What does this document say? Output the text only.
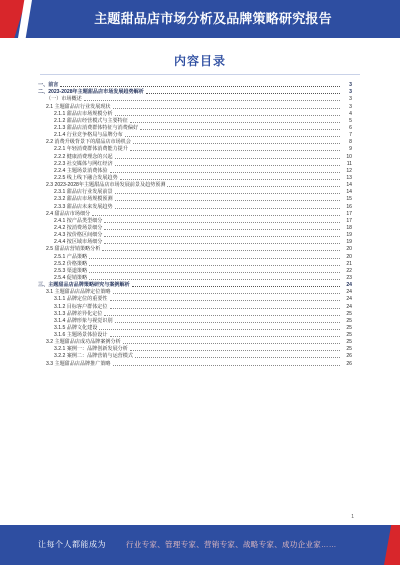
主题甜品店市场分析及品牌策略研究报告
内容目录
一、前言	3
二、2023-2028年主题甜品店市场发展趋势解析	3
（一）市场概述	3
2.1 主题甜品店行业发展现状	3
2.1.1 甜品店市场规模分析	4
2.1.2 甜品店经营模式与主要特征	5
2.1.3 甜品店消费群体特征与消费偏好	6
2.1.4 行业竞争格局与品牌分布	7
2.2 消费升级背景下的甜品店市场机会	8
2.2.1 年轻消费群体消费能力提升	9
2.2.2 健康消费理念的兴起	10
2.2.3 社交媒体与网红经济	11
2.2.4 主题场景消费体验	12
2.2.5 线上线下融合发展趋势	13
2.3 2023-2028年主题甜品店市场发展前景及趋势预测	14
2.3.1 甜品店行业发展前景	14
2.3.2 甜品店市场规模预测	15
2.3.3 甜品店未来发展趋势	16
2.4 甜品店市场细分	17
2.4.1 按产品类型细分	17
2.4.2 按消费场景细分	18
2.4.3 按价格区间细分	19
2.4.4 按区域市场细分	19
2.5 甜品店营销策略分析	20
2.5.1 产品策略	20
2.5.2 价格策略	21
2.5.3 渠道策略	22
2.5.4 促销策略	23
三、主题甜品店品牌策略研究与案例解析	24
3.1 主题甜品店品牌定位策略	24
3.1.1 品牌定位的重要性	24
3.1.2 目标客户群体定位	24
3.1.3 品牌差异化定位	25
3.1.4 品牌形象与视觉识别	25
3.1.5 品牌文化建设	25
3.1.6 主题场景体验设计	25
3.2 主题甜品店成功品牌案例分析	25
3.2.1 案例一：品牌创新发展分析	25
3.2.2 案例二：品牌营销与运营模式	26
3.3 主题甜品店品牌推广策略	26
1
让每个人都能成为	行业专家、管理专家、营销专家、战略专家、成功企业家……
